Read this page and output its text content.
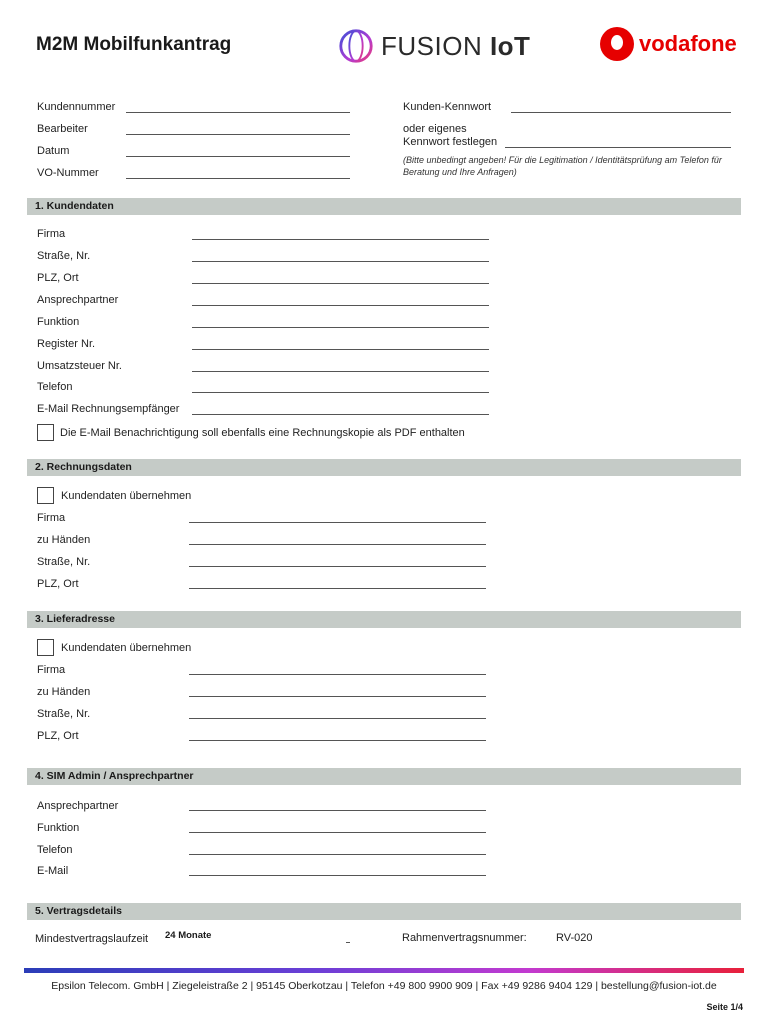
M2M Mobilfunkantrag	FUSION IoT	vodafone
Kundennummer
Bearbeiter
Datum
VO-Nummer
Kunden-Kennwort
oder eigenes
Kennwort festlegen
(Bitte unbedingt angeben! Für die Legitimation / Identitätsprüfung am Telefon für Beratung und Ihre Anfragen)
1. Kundendaten
Firma
Straße, Nr.
PLZ, Ort
Ansprechpartner
Funktion
Register Nr.
Umsatzsteuer Nr.
Telefon
E-Mail Rechnungsempfänger
Die E-Mail Benachrichtigung soll ebenfalls eine Rechnungskopie als PDF enthalten
2. Rechnungsdaten
Kundendaten übernehmen
Firma
zu Händen
Straße, Nr.
PLZ, Ort
3. Lieferadresse
Kundendaten übernehmen
Firma
zu Händen
Straße, Nr.
PLZ, Ort
4. SIM Admin / Ansprechpartner
Ansprechpartner
Funktion
Telefon
E-Mail
5. Vertragsdetails
Mindestvertragslaufzeit 24 Monate	Rahmenvertragsnummer:	RV-020
Epsilon Telecom. GmbH | Ziegeleistraße 2 | 95145 Oberkotzau | Telefon +49 800 9900 909 | Fax +49 9286 9404 129 | bestellung@fusion-iot.de
Seite 1/4
